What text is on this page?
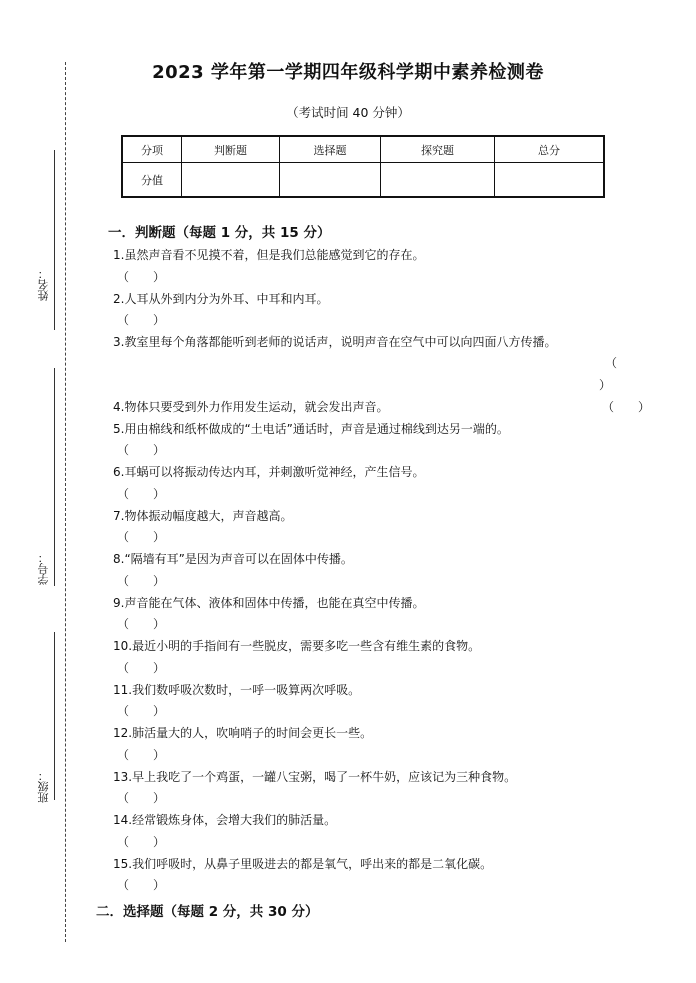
姓名：
学号：
班级：
2023 学年第一学期四年级科学期中素养检测卷
（考试时间 40 分钟）
分项	判断题	选择题	探究题	总分
分值				
一．判断题（每题 1 分，共 15 分）
1.虽然声音看不见摸不着，但是我们总能感觉到它的存在。
（　　）
2.人耳从外到内分为外耳、中耳和内耳。
（　　）
3.教室里每个角落都能听到老师的说话声，说明声音在空气中可以向四面八方传播。
（
）
4.物体只要受到外力作用发生运动，就会发出声音。	（　　）
5.用由棉线和纸杯做成的“土电话”通话时，声音是通过棉线到达另一端的。
（　　）
6.耳蜗可以将振动传达内耳，并刺激听觉神经，产生信号。
（　　）
7.物体振动幅度越大，声音越高。
（　　）
8.“隔墙有耳”是因为声音可以在固体中传播。
（　　）
9.声音能在气体、液体和固体中传播，也能在真空中传播。
（　　）
10.最近小明的手指间有一些脱皮，需要多吃一些含有维生素的食物。
（　　）
11.我们数呼吸次数时，一呼一吸算两次呼吸。
（　　）
12.肺活量大的人，吹响哨子的时间会更长一些。
（　　）
13.早上我吃了一个鸡蛋，一罐八宝粥，喝了一杯牛奶，应该记为三种食物。
（　　）
14.经常锻炼身体，会增大我们的肺活量。
（　　）
15.我们呼吸时，从鼻子里吸进去的都是氧气，呼出来的都是二氧化碳。
（　　）
二．选择题（每题 2 分，共 30 分）
